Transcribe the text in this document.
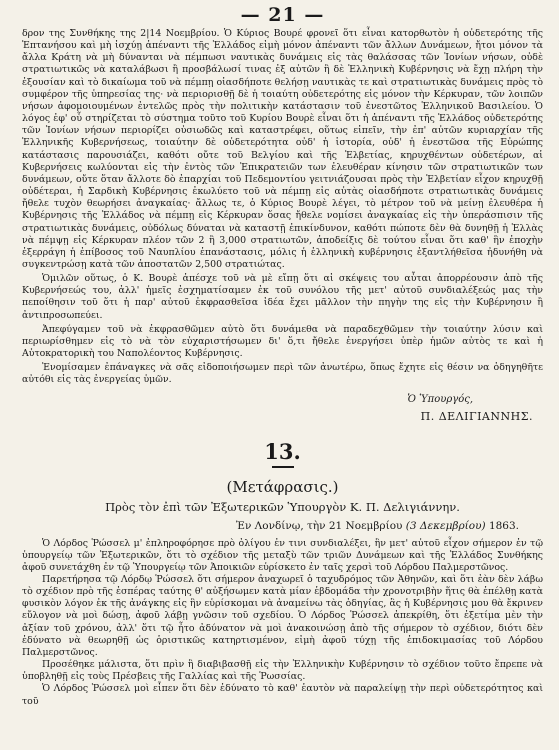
— 21 —

δρον της Συνθήκης της 2|14 Νοεμβρίου. Ὁ Κύριος Βουρέ φρονεῖ ὅτι εἶναι κατορθωτὸν ἡ οὐδετερότης τῆς Ἑπτανήσου καὶ μὴ ἰσχύῃ ἀπέναντι τῆς Ἑλλάδος εἰμὴ μόνον ἀπέναντι τῶν ἄλλων Δυνάμεων, ἤτοι μόνον τὰ ἄλλα Κράτη νὰ μὴ δύνανται νὰ πέμπωσι ναυτικὰς δυνάμεις εἰς τὰς θαλάσσας τῶν Ἰονίων νήσων, οὐδὲ στρατιωτικῶς νὰ καταλάβωσι ἢ προσβάλωσί τινας ἐξ αὐτῶν ἢ δὲ Ἑλληνικὴ Κυβέρνησις νὰ ἔχῃ πλήρη τὴν ἐξουσίαν καὶ τὸ δικαίωμα τοῦ νὰ πέμπῃ οἰασδήποτε θελήσῃ ναυτικὰς τε καὶ στρατιωτικὰς δυνάμεις πρὸς τὸ συμφέρον τῆς ὑπηρεσίας της· νὰ περιορισθῇ δὲ ἡ τοιαύτη οὐδετερότης εἰς μόνον τὴν Κέρκυραν, τῶν λοιπῶν νήσων ἀφομοιουμένων ἐντελῶς πρὸς τὴν πολιτικὴν κατάστασιν τοῦ ἐνεστῶτος Ἑλληνικοῦ Βασιλείου. Ὁ λόγος ἐφ' οὗ στηρίζεται τὸ σύστημα τοῦτο τοῦ Κυρίου Βουρὲ εἶναι ὅτι ἡ ἀπέναντι τῆς Ἑλλάδος οὐδετερότης τῶν Ἰονίων νήσων περιορίζει οὐσιωδῶς καὶ καταστρέφει, οὕτως εἰπεῖν, τὴν ἐπ' αὐτῶν κυριαρχίαν τῆς Ἑλληνικῆς Κυβερνήσεως, τοιαύτην δὲ οὐδετερότητα οὐδ' ἡ ἱστορία, οὐδ' ἡ ἐνεστῶσα τῆς Εὐρώπης κατάστασις παρουσιάζει, καθότι οὔτε τοῦ Βελγίου καὶ τῆς Ἑλβετίας, κηρυχθέντων οὐδετέρων, αἱ Κυβερνήσεις κωλύονται εἰς τὴν ἐντὸς τῶν Ἐπικρατειῶν των ἐλευθέραν κίνησιν τῶν στρατιωτικῶν των δυνάμεων, οὔτε ὅταν ἄλλοτε δὸ ἐπαρχίαι τοῦ Πεδεμοντίου γειτνιάζουσαι πρὸς τὴν Ἑλβετίαν εἶχον κηρυχθῇ οὐδέτεραι, ἡ Σαρδικὴ Κυβέρνησις ἐκωλύετο τοῦ νὰ πέμπῃ εἰς αὐτὰς οἰασδήποτε στρατιωτικὰς δυνάμεις ἤθελε τυχὸν θεωρήσει ἀναγκαίας· ἄλλως τε, ὁ Κύριος Βουρὲ λέγει, τὸ μέτρον τοῦ νὰ μείνῃ ἐλευθέρα ἡ Κυβέρνησις τῆς Ἑλλάδος νὰ πέμπῃ εἰς Κέρκυραν ὅσας ἤθελε νομίσει ἀναγκαίας εἰς τὴν ὑπεράσπισιν τῆς στρατιωτικὰς δυνάμεις, οὐδόλως δύναται νὰ καταστῇ ἐπικίνδυνον, καθότι πώποτε δὲν θὰ δυνηθῇ ἡ Ἑλλὰς νὰ πέμψῃ εἰς Κέρκυραν πλέον τῶν 2 ἢ 3,000 στρατιωτῶν, ἀποδείξις δὲ τούτου εἶναι ὅτι καθ' ἣν ἐποχὴν ἐξερράγη ἡ ἐπίβοσος τοῦ Ναυπλίου ἐπανάστασις, μόλις ἡ ἑλληνικὴ κυβέρνησις ἐξαντλήθεῖσα ἠδυνήθη νὰ συγκεντρώσῃ κατὰ τῶν ἀποστατῶν 2,500 στρατιώτας.

Ὁμιλῶν οὕτως, ὁ Κ. Βουρὲ ἀπέσχε τοῦ νὰ μὲ εἴπῃ ὅτι αἱ σκέψεις του αὗται ἀπορρέουσιν ἀπὸ τῆς Κυβερνήσεώς του, ἀλλ' ἡμεῖς ἐσχηματίσαμεν ἐκ τοῦ συνόλου τῆς μετ' αὐτοῦ συνδιαλέξεώς μας τὴν πεποίθησιν τοῦ ὅτι ἡ παρ' αὐτοῦ ἐκφρασθεῖσα ἰδέα ἔχει μᾶλλον τὴν πηγὴν της εἰς τὴν Κυβέρνησιν ἢ ἀντιπροσωπεύει.

Ἀπεφύγαμεν τοῦ νὰ ἐκφρασθῶμεν αὐτὸ ὅτι δυνάμεθα νὰ παραδεχθῶμεν τὴν τοιαύτην λύσιν καὶ περιωρίσθημεν εἰς τὸ νὰ τὸν εὐχαριστήσωμεν δι' ὅ,τι ἤθελε ἐνεργήσει ὑπὲρ ἡμῶν αὐτὸς τε καὶ ἡ Αὐτοκρατορικὴ του Ναπολέοντος Κυβέρνησις.

Ἐνομίσαμεν ἐπάναγκες νὰ σᾶς εἰδοποιήσωμεν περὶ τῶν ἀνωτέρω, ὅπως ἔχητε εἰς θέσιν να ὁδηγηθῆτε αὐτόθι εἰς τὰς ἐνεργείας ὑμῶν.

Ὁ Ὑπουργός,
Π. ΔΕΛΙΓΙΑΝΝΗΣ.
13.
(Μετάφρασις.)
Πρὸς τὸν ἐπὶ τῶν Ἐξωτερικῶν Ὑπουργὸν Κ. Π. Δελιγιάννην.
Ἐν Λονδίνῳ, τὴν 21 Νοεμβρίου (3 Δεκεμβρίου) 1863.

Ὁ Λόρδος Ῥώσσελ μ' ἐπληροφόρησε πρὸ ὀλίγου ἐν τινι συνδιαλέξει, ἣν μετ' αὐτοῦ εἶχον σήμερον ἐν τῷ ὑπουργείῳ τῶν Ἐξωτερικῶν, ὅτι τὸ σχέδιον τῆς μεταξὺ τῶν τριῶν Δυνάμεων καὶ τῆς Ἑλλάδος Συνθήκης ἀφοῦ συνετάχθη ἐν τῷ Ὑπουργείῳ τῶν Ἀποικιῶν εὑρίσκετο ἐν ταῖς χερσὶ τοῦ Λόρδου Παλμερστῶνος.

Παρετήρησα τῷ Λόρδῳ Ῥώσσελ ὅτι σήμερον ἀναχωρεῖ ὁ ταχυδρόμος τῶν Ἀθηνῶν, καὶ ὅτι ἐὰν δὲν λάβω τὸ σχέδιον πρὸ τῆς ἑσπέρας ταύτης θ' αὐξήσωμεν κατὰ μίαν ἑβδομάδα τὴν χρονοτριβὴν ἥτις θὰ ἐπέλθῃ κατὰ φυσικὸν λόγον ἐκ τῆς ἀνάγκης εἰς ἣν εὑρίσκομαι νὰ ἀναμείνω τὰς ὁδηγίας, ἃς ἡ Κυβέρνησις μου θὰ ἔκρινεν εὔλογον νὰ μοὶ δώσῃ, ἀφοῦ λάβῃ γνῶσιν τοῦ σχεδίου. Ὁ Λόρδος Ῥώσσελ ἀπεκρίθη, ὅτι ἐξετίμα μὲν τὴν ἀξίαν τοῦ χρόνου, ἀλλ' ὅτι τῷ ἦτο ἀδύνατον νὰ μοὶ ἀνακοινώσῃ ἀπὸ τῆς σήμερον τὸ σχέδιον, διότι δὲν ἐδύνατο νὰ θεωρηθῇ ὡς ὁριστικῶς κατηρτισμένον, εἰμὴ ἀφοῦ τύχῃ τῆς ἐπιδοκιμασίας τοῦ Λόρδου Παλμερστῶνος.

Προσέθηκε μάλιστα, ὅτι πρὶν ἢ διαβιβασθῇ εἰς τὴν Ἑλληνικὴν Κυβέρνησιν τὸ σχέδιον τοῦτο ἔπρεπε νὰ ὑποβληθῇ εἰς τοὺς Πρέσβεις τῆς Γαλλίας καὶ τῆς Ῥωσσίας.

Ὁ Λόρδος Ῥώσσελ μοὶ εἶπεν ὅτι δὲν ἐδύνατο τὸ καθ' ἑαυτὸν νὰ παραλείψῃ τὴν περὶ οὐδετερότητος καὶ τοῦ
